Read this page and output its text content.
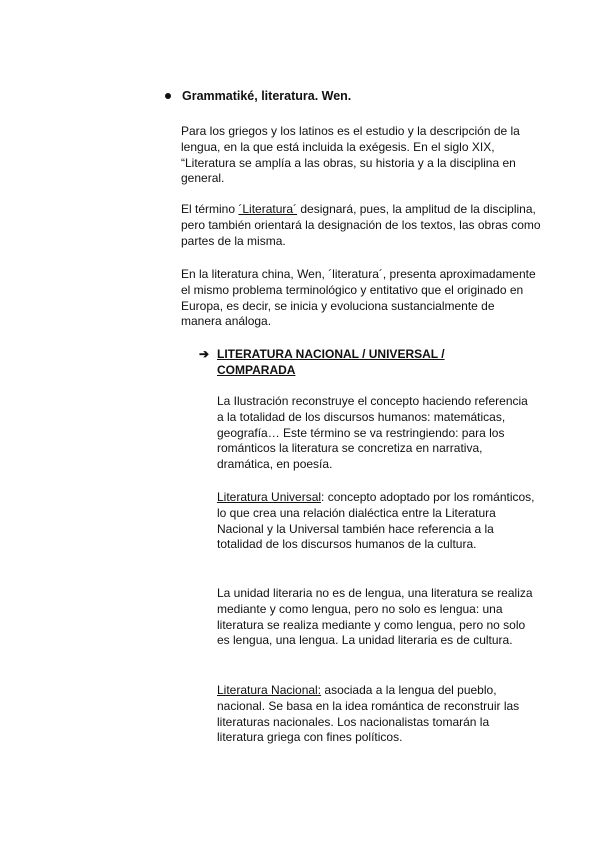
Grammatiké, literatura. Wen.

Para los griegos y los latinos es el estudio y la descripción de la lengua, en la que está incluida la exégesis. En el siglo XIX, “Literatura se amplía a las obras, su historia y a la disciplina en general.

El término ´Literatura´ designará, pues, la amplitud de la disciplina, pero también orientará la designación de los textos, las obras como partes de la misma.

En la literatura china, Wen, ´literatura´, presenta aproximadamente el mismo problema terminológico y entitativo que el originado en Europa, es decir, se inicia y evoluciona sustancialmente de manera análoga.

➔ LITERATURA NACIONAL / UNIVERSAL / COMPARADA

La Ilustración reconstruye el concepto haciendo referencia a la totalidad de los discursos humanos: matemáticas, geografía… Este término se va restringiendo: para los románticos la literatura se concretiza en narrativa, dramática, en poesía.

Literatura Universal: concepto adoptado por los románticos, lo que crea una relación dialéctica entre la Literatura Nacional y la Universal también hace referencia a la totalidad de los discursos humanos de la cultura.

La unidad literaria no es de lengua, una literatura se realiza mediante y como lengua, pero no solo es lengua: una literatura se realiza mediante y como lengua, pero no solo es lengua, una lengua. La unidad literaria es de cultura.

Literatura Nacional: asociada a la lengua del pueblo, nacional. Se basa en la idea romántica de reconstruir las literaturas nacionales. Los nacionalistas tomarán la literatura griega con fines políticos.
